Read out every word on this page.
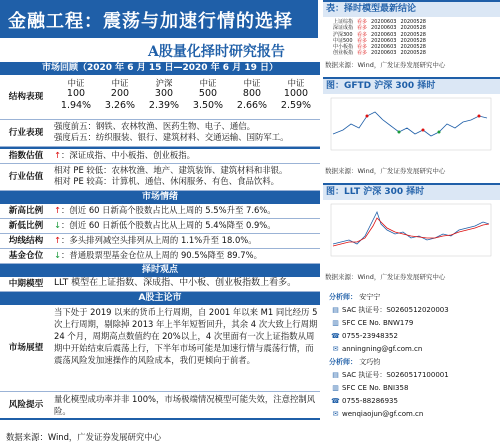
金融工程：震荡与加速行情的选择
A股量化择时研究报告
市场回顾（2020 年 6 月 15 日—2020 年 6 月 19 日）
结构表现
中证	中证	沪深	中证	中证	中证
100	200	300	500	800	1000
1.94%	3.26%	2.39%	3.50%	2.66%	2.59%
行业表现
强度前五：钢铁、农林牧渔、医药生物、电子、通信。
强度后五：纺织服装、银行、建筑材料、交通运输、国防军工。
指数估值	↑：深证成指、中小板指、创业板指。
行业估值
相对 PE 较低：农林牧渔、地产、建筑装饰、建筑材料和非银。
相对 PE 较高：计算机、通信、休闲服务、有色、食品饮料。
市场情绪
新高比例	↑：创近 60 日新高个股数占比从上周的 5.5%升至 7.6%。
新低比例	↓：创近 60 日新低个股数占比从上周的 5.4%降至 0.9%。
均线结构	↑：多头排列减空头排列从上周的 1.1%升至 18.0%。
基金仓位	↓：普通股票型基金仓位从上周的 90.5%降至 89.7%。
择时观点
中期模型	LLT 模型在上证指数、深成指、中小板、创业板指数上看多。
A股主论市
市场展望
当下处于 2019 以来的货币上行周期，自 2001 年以来 M1 同比经历 5 次上行周期，剔除掉 2013 年上半年短暂回升，其余 4 次大致上行周期 24 个月，周期高点数值约在 20%以上，4 次里面有一次上证指数从周期中开始结束后震荡上行，下半年市场可能是加速行情与震荡行情，而震荡风险发加速操作的风险成本，我们更倾向于前者。
风险提示
量化模型成功率并非 100%，市场极端情况模型可能失效，注意控制风险。
数据来源：Wind，广发证券发展研究中心
表：择时模型最新结论
上证综指	看多	20200603	20200528
深证成指	看多	20200603	20200528
沪深300	看多	20200603	20200528
中证500	看多	20200603	20200528
中小板指	看多	20200603	20200528
创业板指	看多	20200603	20200528
数据来源：Wind，广发证券发展研究中心
图：GFTD 沪深 300 择时
数据来源：Wind，广发证券发展研究中心
图：LLT 沪深 300 择时
数据来源：Wind，广发证券发展研究中心
分析师： 安宁宁
▤ SAC 执证号：S0260512020003
▥ SFC CE No. BNW179
☎ 0755-23948352
✉ anningning@gf.com.cn
分析师： 文巧钧
▤ SAC 执证号：S0260517100001
▥ SFC CE No. BNI358
☎ 0755-88286935
✉ wenqiaojun@gf.com.cn
